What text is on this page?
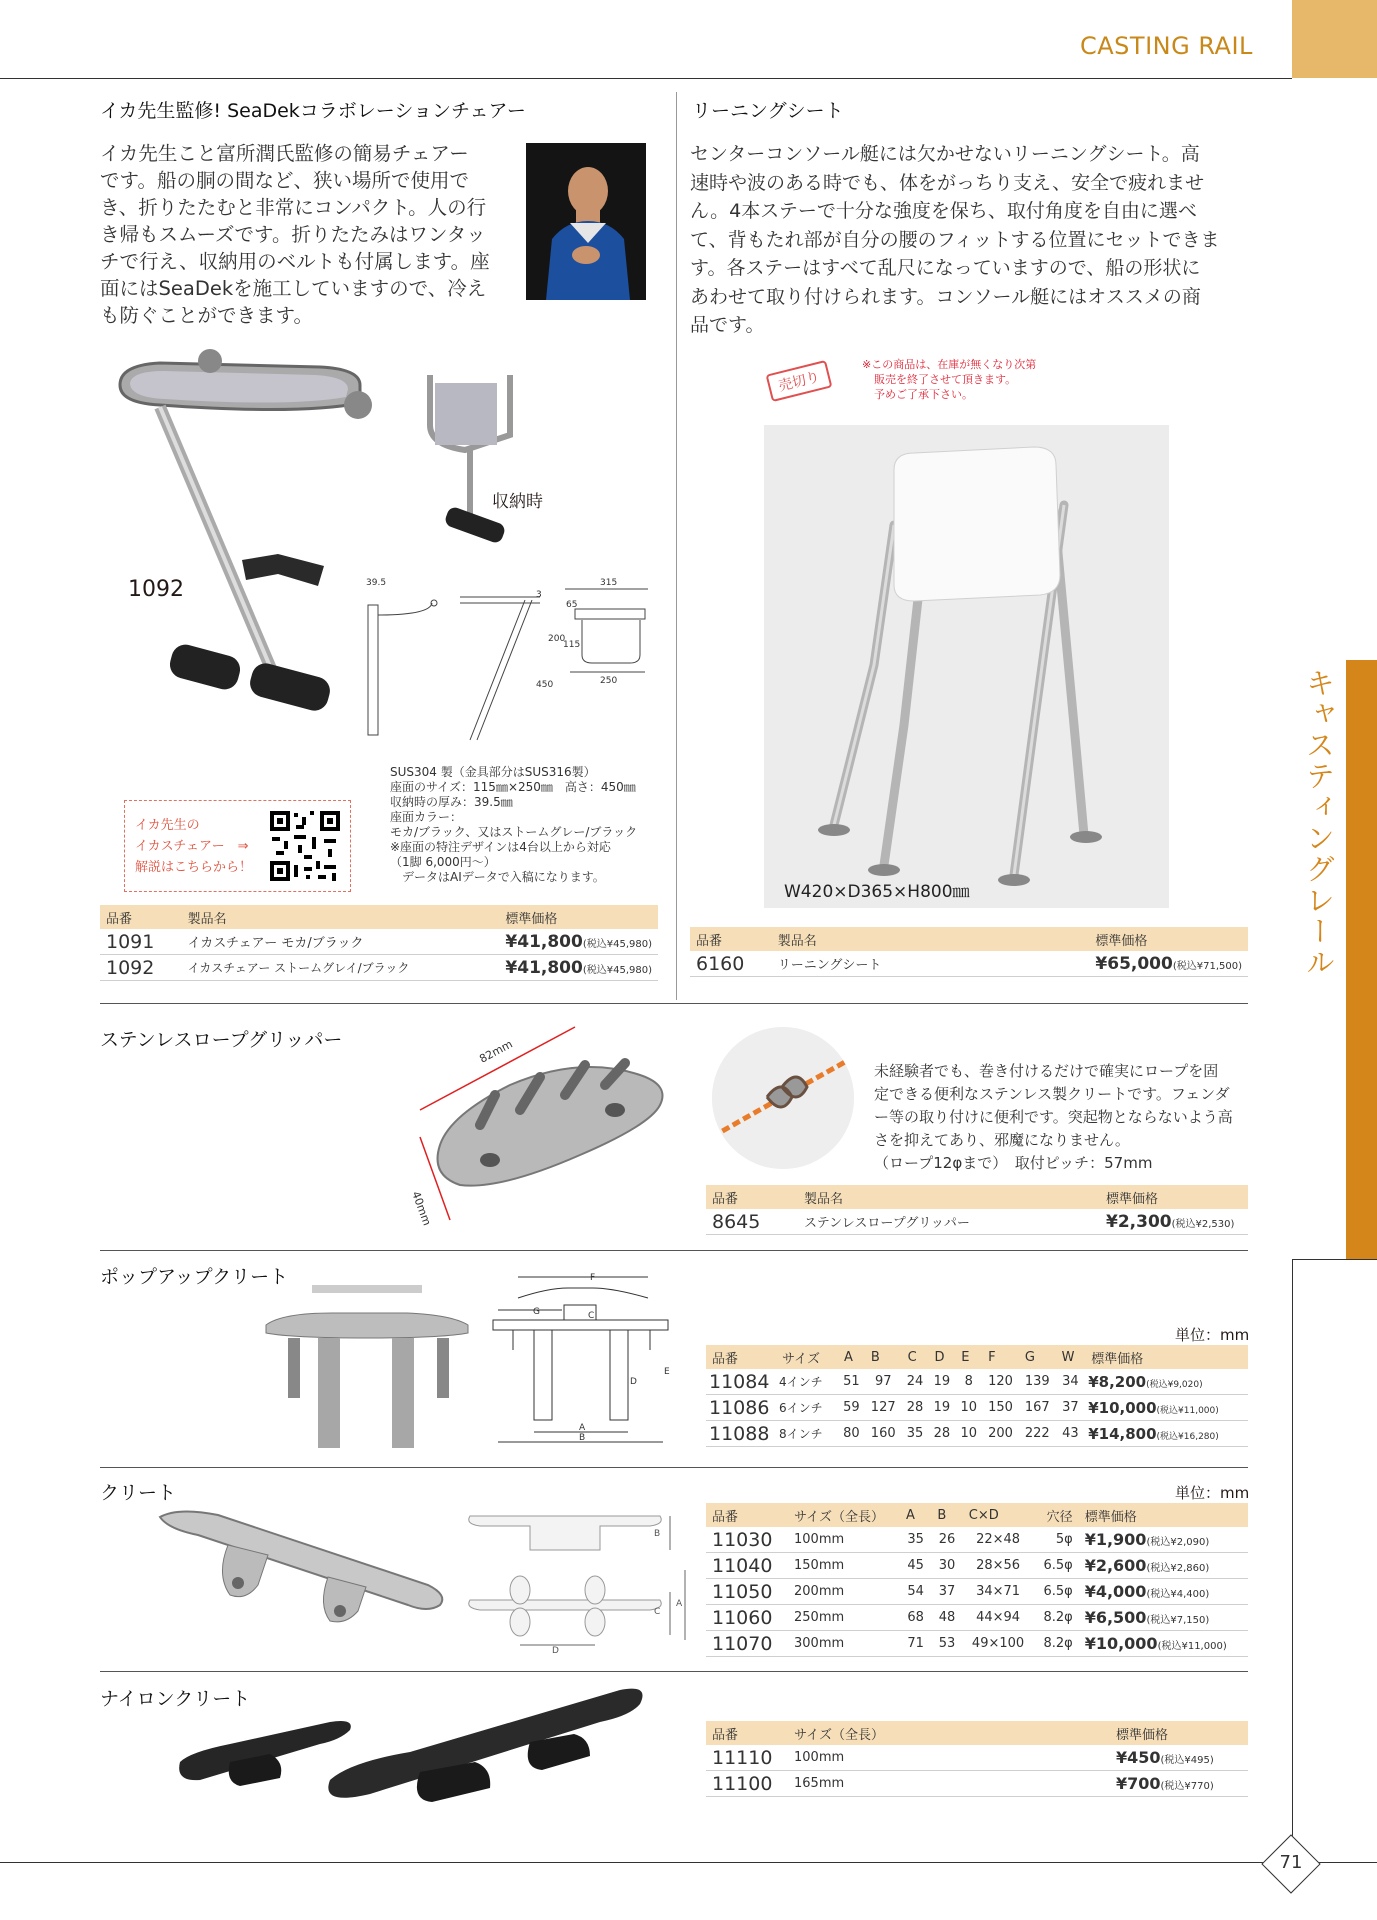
CASTING RAIL
キャスティングレール
イカ先生監修! SeaDekコラボレーションチェアー
イカ先生こと富所潤氏監修の簡易チェアー
です。船の胴の間など、狭い場所で使用で
き、折りたたむと非常にコンパクト。人の行
き帰もスムーズです。折りたたみはワンタッ
チで行え、収納用のベルトも付属します。座
面にはSeaDekを施工していますので、冷え
も防ぐことができます。
1092
収納時
39.5	315
65
200
115
450	250
3
SUS304 製（金具部分はSUS316製）
座面のサイズ：115㎜×250㎜　高さ：450㎜
収納時の厚み：39.5㎜
座面カラー：
モカ/ブラック、又はストームグレー/ブラック
※座面の特注デザインは4台以上から対応
（1脚 6,000円〜）
　データはAIデータで入稿になります。
イカ先生の
イカスチェアー　⇒
解説はこちらから！
品番	製品名	標準価格
1091	イカスチェアー モカ/ブラック	¥41,800(税込¥45,980)
1092	イカスチェアー ストームグレイ/ブラック	¥41,800(税込¥45,980)
リーニングシート
センターコンソール艇には欠かせないリーニングシート。高
速時や波のある時でも、体をがっちり支え、安全で疲れませ
ん。4本ステーで十分な強度を保ち、取付角度を自由に選べ
て、背もたれ部が自分の腰のフィットする位置にセットできま
す。各ステーはすべて乱尺になっていますので、船の形状に
あわせて取り付けられます。コンソール艇にはオススメの商
品です。
売切り
※この商品は、在庫が無くなり次第
販売を終了させて頂きます。
予めご了承下さい。
W420×D365×H800㎜
品番	製品名	標準価格
6160	リーニングシート	¥65,000(税込¥71,500)
ステンレスロープグリッパー	82mm
40mm
未経験者でも、巻き付けるだけで確実にロープを固
定できる便利なステンレス製クリートです。フェンダ
ー等の取り付けに便利です。突起物とならないよう高
さを抑えてあり、邪魔になりません。
（ロープ12φまで）　取付ピッチ：57mm
品番	製品名	標準価格
8645	ステンレスロープグリッパー	¥2,300(税込¥2,530)
ポップアップクリート	F
G	C
D
E
A
B
単位：mm
品番	サイズ	A	B	C	D	E	F	G	W	標準価格
11084	4インチ	51	97	24	19	8	120	139	34	¥8,200(税込¥9,020)
11086	6インチ	59	127	28	19	10	150	167	37	¥10,000(税込¥11,000)
11088	8インチ	80	160	35	28	10	200	222	43	¥14,800(税込¥16,280)
クリート
B
C
A
D
単位：mm
品番	サイズ（全長）	A	B	C×D	穴径	標準価格
11030	100mm	35	26	22×48	5φ	¥1,900(税込¥2,090)
11040	150mm	45	30	28×56	6.5φ	¥2,600(税込¥2,860)
11050	200mm	54	37	34×71	6.5φ	¥4,000(税込¥4,400)
11060	250mm	68	48	44×94	8.2φ	¥6,500(税込¥7,150)
11070	300mm	71	53	49×100	8.2φ	¥10,000(税込¥11,000)
ナイロンクリート
品番	サイズ（全長）	標準価格
11110	100mm	¥450(税込¥495)
11100	165mm	¥700(税込¥770)
71
